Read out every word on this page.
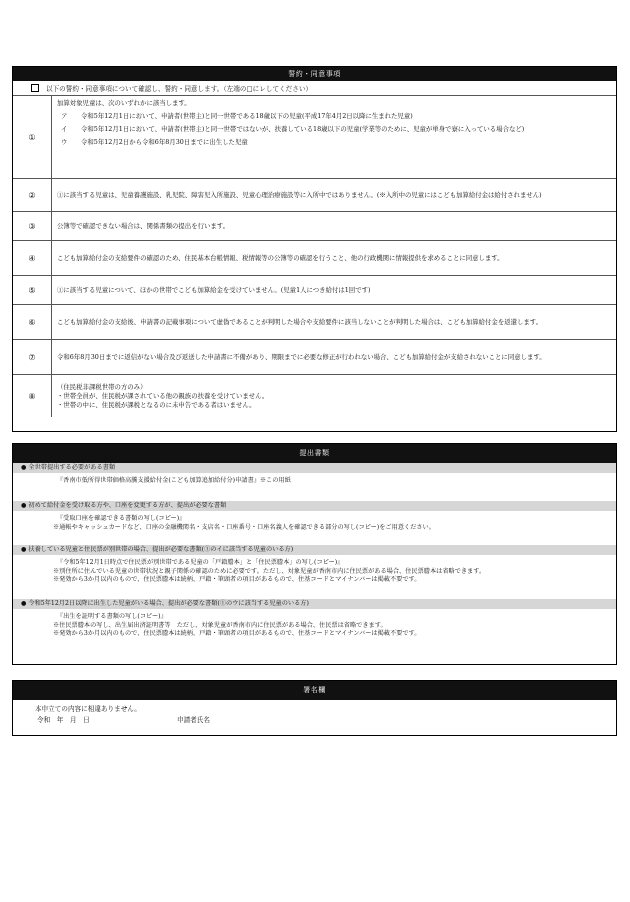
誓約・同意事項
以下の誓約・同意事項について確認し、誓約・同意します。（左端の□にレしてください）
①
加算対象児童は、次のいずれかに該当します。
ア	令和5年12月1日において、申請者(世帯主)と同一世帯である18歳以下の児童(平成17年4月2日以降に生まれた児童)
イ	令和5年12月1日において、申請者(世帯主)と同一世帯ではないが、扶養している18歳以下の児童(学業等のために、児童が単身で寮に入っている場合など)
ウ	令和5年12月2日から令和6年8月30日までに出生した児童
②	①に該当する児童は、児童養護施設、乳児院、障害児入所施設、児童心理治療施設等に入所中ではありません。(※入所中の児童にはこども加算給付金は給付されません)
③	公簿等で確認できない場合は、関係書類の提出を行います。
④	こども加算給付金の支給要件の確認のため、住民基本台帳情報、税情報等の公簿等の確認を行うこと、他の行政機関に情報提供を求めることに同意します。
⑤	①に該当する児童について、ほかの世帯でこども加算給金を受けていません。(児童1人につき給付は1回です)
⑥	こども加算給付金の支給後、申請書の記載事項について虚偽であることが判明した場合や支給要件に該当しないことが判明した場合は、こども加算給付金を返還します。
⑦	令和6年8月30日までに返信がない場合及び返送した申請書に不備があり、期限までに必要な修正が行われない場合、こども加算給付金が支給されないことに同意します。
⑧
（住民税非課税世帯の方のみ）
・世帯全員が、住民税が課されている他の親族の扶養を受けていません。
・世帯の中に、住民税が課税となるのに未申告である者はいません。
提出書類
● 全世帯提出する必要がある書類
『香南市低所得世帯価格高騰支援給付金(こども加算追加給付分)申請書』※この用紙
● 初めて給付金を受け取る方や、口座を変更する方が、提出が必要な書類
『受取口座を確認できる書類の写し(コピー)』
※通帳やキャッシュカードなど、口座の金融機関名・支店名・口座番号・口座名義人を確認できる部分の写し(コピー)をご用意ください。
● 扶養している児童と住民票が別世帯の場合、提出が必要な書類(①のイに該当する児童のいる方)
『令和5年12月1日時点で住民票が別世帯である児童の「戸籍謄本」と「住民票謄本」の写し(コピー)』
※別住所に住んでいる児童の世帯状況と親子関係の確認のために必要です。ただし、対象児童が香南市内に住民票がある場合、住民票謄本は省略できます。
※発効から3か月以内のもので、住民票謄本は続柄、戸籍・筆頭者の項目があるもので、住基コードとマイナンバーは掲載不要です。
● 令和5年12月2日以降に出生した児童がいる場合、提出が必要な書類(①のウに該当する児童のいる方)
『出生を証明する書類の写し(コピー)』
※住民票謄本の写し、出生届出済証明書等　ただし、対象児童が香南市内に住民票がある場合、住民票は省略できます。
※発効から3か月以内のもので、住民票謄本は続柄、戸籍・筆頭者の項目があるもので、住基コードとマイナンバーは掲載不要です。
署名欄
本申立ての内容に相違ありません。
令和　年　月　日	申請者氏名
